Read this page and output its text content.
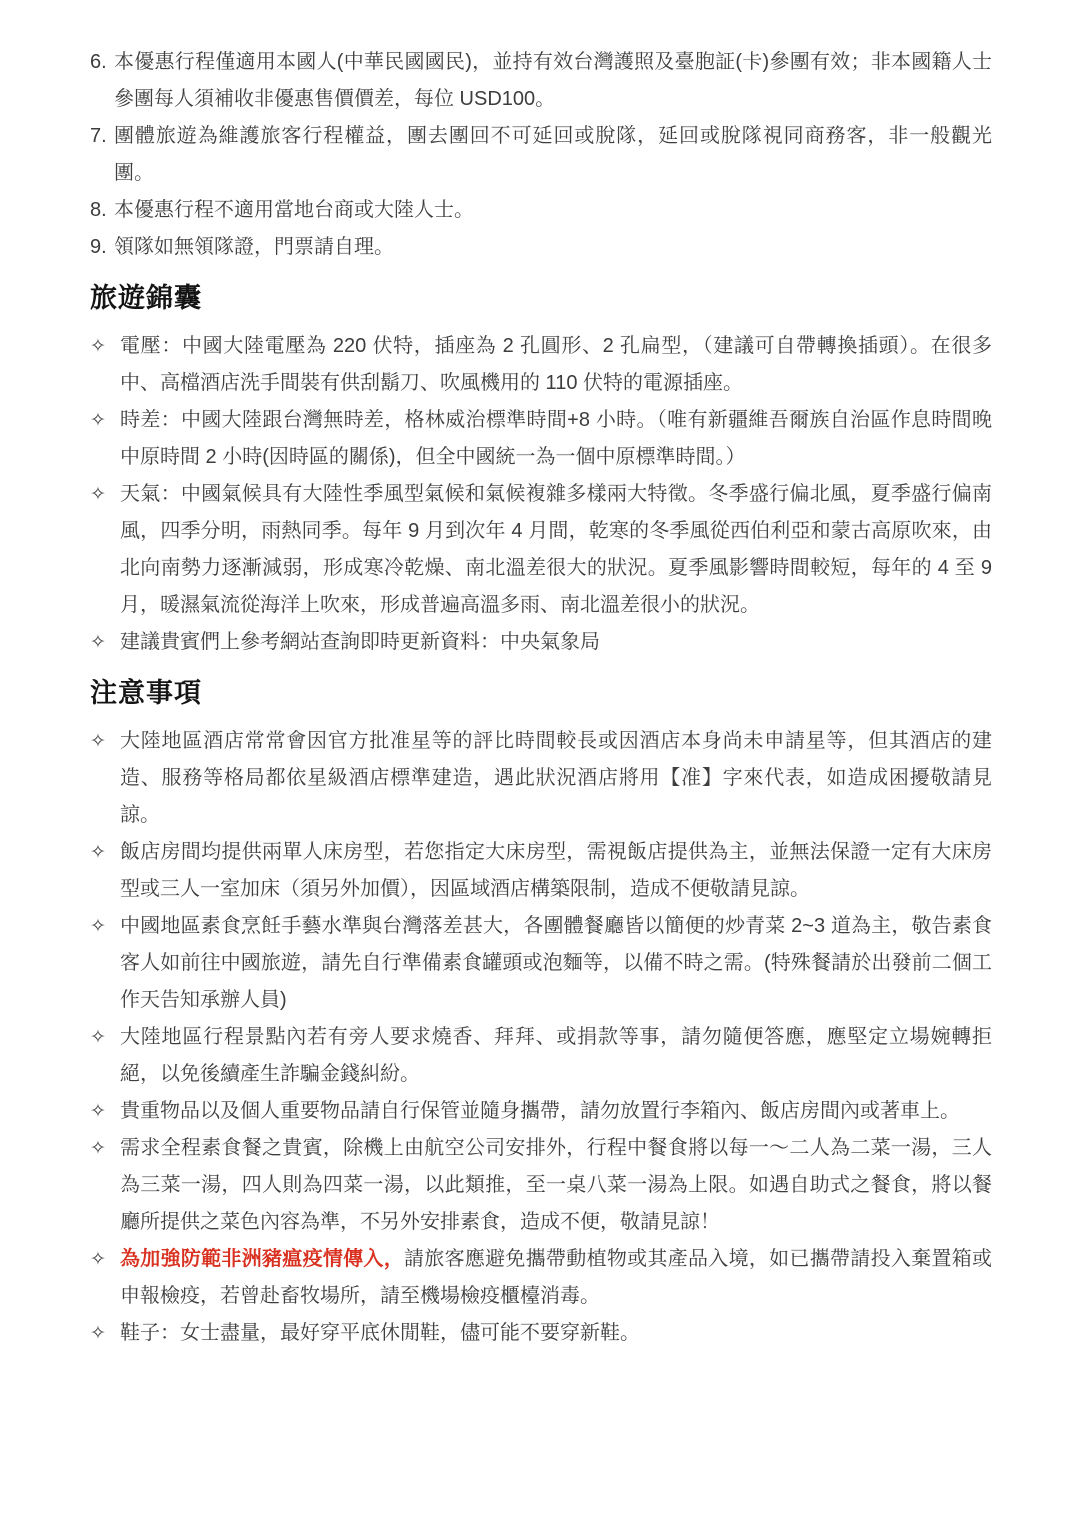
6. 本優惠行程僅適用本國人(中華民國國民)，並持有效台灣護照及臺胞証(卡)參團有效；非本國籍人士參團每人須補收非優惠售價價差，每位 USD100。
7. 團體旅遊為維護旅客行程權益，團去團回不可延回或脫隊，延回或脫隊視同商務客，非一般觀光團。
8. 本優惠行程不適用當地台商或大陸人士。
9. 領隊如無領隊證，門票請自理。
旅遊錦囊
✧ 電壓：中國大陸電壓為 220 伏特，插座為 2 孔圓形、2 孔扁型，（建議可自帶轉換插頭）。在很多中、高檔酒店洗手間裝有供刮鬍刀、吹風機用的 110 伏特的電源插座。
✧ 時差：中國大陸跟台灣無時差，格林威治標準時間+8 小時。（唯有新疆維吾爾族自治區作息時間晚中原時間 2 小時(因時區的關係)，但全中國統一為一個中原標準時間。）
✧ 天氣：中國氣候具有大陸性季風型氣候和氣候複雜多樣兩大特徵。冬季盛行偏北風，夏季盛行偏南風，四季分明，雨熱同季。每年 9 月到次年 4 月間，乾寒的冬季風從西伯利亞和蒙古高原吹來，由北向南勢力逐漸減弱，形成寒冷乾燥、南北溫差很大的狀況。夏季風影響時間較短，每年的 4 至 9 月，暖濕氣流從海洋上吹來，形成普遍高溫多雨、南北溫差很小的狀況。
✧ 建議貴賓們上參考網站查詢即時更新資料：中央氣象局
注意事項
✧ 大陸地區酒店常常會因官方批准星等的評比時間較長或因酒店本身尚未申請星等，但其酒店的建造、服務等格局都依星級酒店標準建造，遇此狀況酒店將用【准】字來代表，如造成困擾敬請見諒。
✧ 飯店房間均提供兩單人床房型，若您指定大床房型，需視飯店提供為主，並無法保證一定有大床房型或三人一室加床（須另外加價），因區域酒店構築限制，造成不便敬請見諒。
✧ 中國地區素食烹飪手藝水準與台灣落差甚大，各團體餐廳皆以簡便的炒青菜 2~3 道為主，敬告素食客人如前往中國旅遊，請先自行準備素食罐頭或泡麵等，以備不時之需。(特殊餐請於出發前二個工作天告知承辦人員)
✧ 大陸地區行程景點內若有旁人要求燒香、拜拜、或捐款等事，請勿隨便答應，應堅定立場婉轉拒絕，以免後續產生詐騙金錢糾紛。
✧ 貴重物品以及個人重要物品請自行保管並隨身攜帶，請勿放置行李箱內、飯店房間內或著車上。
✧ 需求全程素食餐之貴賓，除機上由航空公司安排外，行程中餐食將以每一～二人為二菜一湯，三人為三菜一湯，四人則為四菜一湯，以此類推，至一桌八菜一湯為上限。如遇自助式之餐食，將以餐廳所提供之菜色內容為準，不另外安排素食，造成不便，敬請見諒！
✧ 為加強防範非洲豬瘟疫情傳入，請旅客應避免攜帶動植物或其產品入境，如已攜帶請投入棄置箱或申報檢疫，若曾赴畜牧場所，請至機場檢疫櫃檯消毒。
✧ 鞋子：女士盡量，最好穿平底休閒鞋，儘可能不要穿新鞋。
